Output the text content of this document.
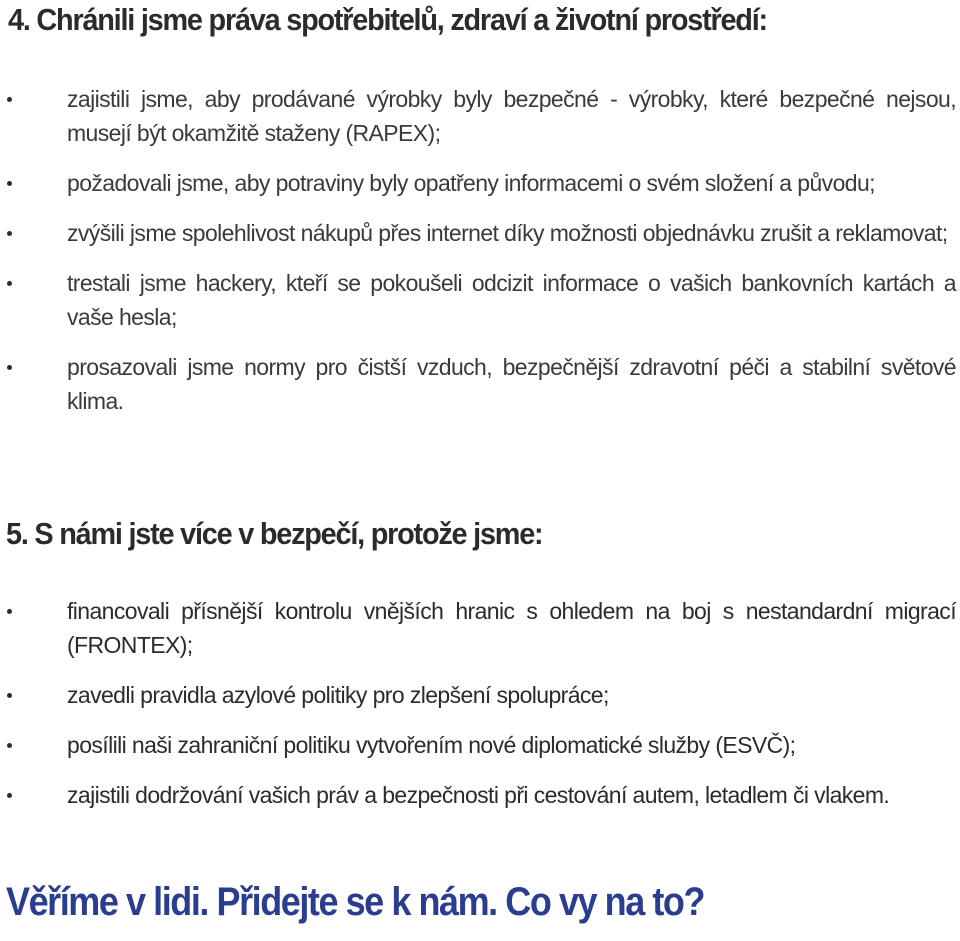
4. Chránili jsme práva spotřebitelů, zdraví a životní prostředí:
zajistili jsme, aby prodávané výrobky byly bezpečné - výrobky, které bezpečné nejsou, musejí být okamžitě staženy (RAPEX);
požadovali jsme, aby potraviny byly opatřeny informacemi o svém složení a původu;
zvýšili jsme spolehlivost nákupů přes internet díky možnosti objednávku zrušit a reklamovat;
trestali jsme hackery, kteří se pokoušeli odcizit informace o vašich bankovních kartách a vaše hesla;
prosazovali jsme normy pro čistší vzduch, bezpečnější zdravotní péči a stabilní světové klima.
5. S námi jste více v bezpečí, protože jsme:
financovali přísnější kontrolu vnějších hranic s ohledem na boj s nestandardní migrací (FRONTEX);
zavedli pravidla azylové politiky pro zlepšení spolupráce;
posílili naši zahraniční politiku vytvořením nové diplomatické služby (ESVČ);
zajistili dodržování vašich práv a bezpečnosti při cestování autem, letadlem či vlakem.
Věříme v lidi. Přidejte se k nám. Co vy na to?
